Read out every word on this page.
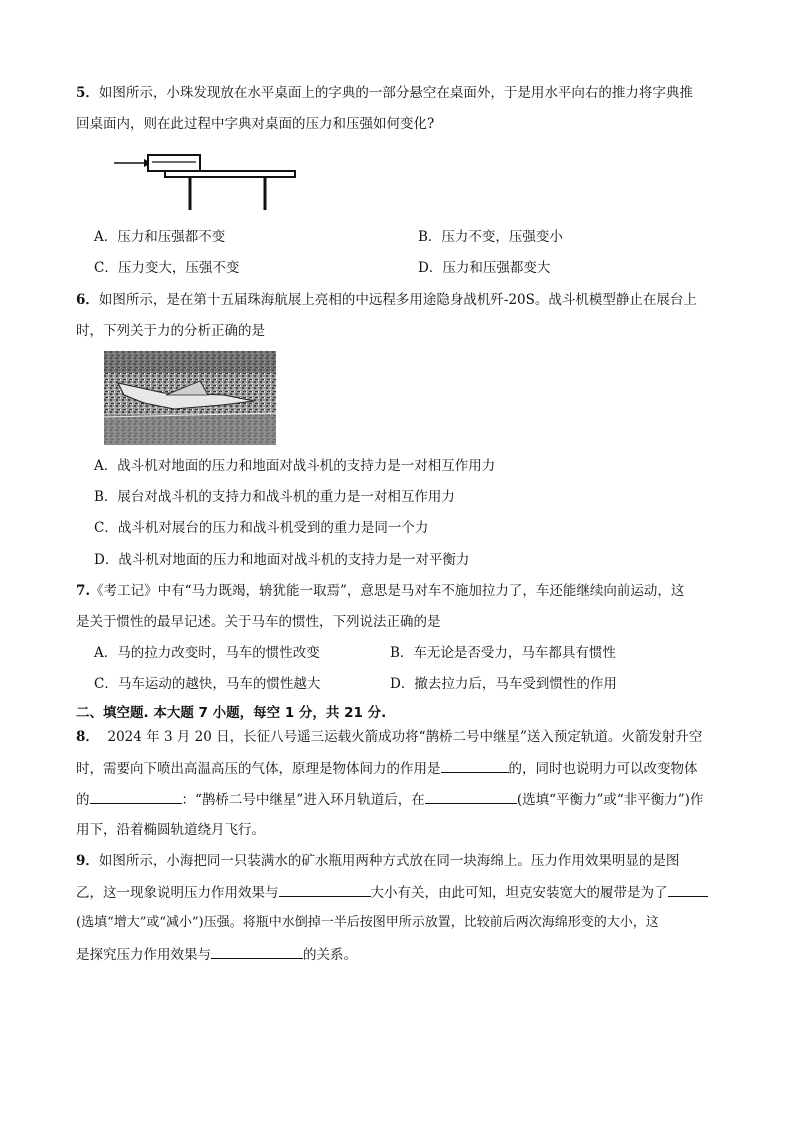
5．如图所示，小珠发现放在水平桌面上的字典的一部分悬空在桌面外，于是用水平向右的推力将字典推
回桌面内，则在此过程中字典对桌面的压力和压强如何变化?
A．压力和压强都不变	B．压力不变，压强变小
C．压力变大，压强不变	D．压力和压强都变大
6．如图所示，是在第十五届珠海航展上亮相的中远程多用途隐身战机歼-20S。战斗机模型静止在展台上
时，下列关于力的分析正确的是
A．战斗机对地面的压力和地面对战斗机的支持力是一对相互作用力
B．展台对战斗机的支持力和战斗机的重力是一对相互作用力
C．战斗机对展台的压力和战斗机受到的重力是同一个力
D．战斗机对地面的压力和地面对战斗机的支持力是一对平衡力
7.《考工记》中有“马力既竭，辀犹能一取焉”，意思是马对车不施加拉力了，车还能继续向前运动，这
是关于惯性的最早记述。关于马车的惯性，下列说法正确的是
A．马的拉力改变时，马车的惯性改变	B．车无论是否受力，马车都具有惯性
C．马车运动的越快，马车的惯性越大	D．撤去拉力后，马车受到惯性的作用
二、填空题. 本大题 7 小题，每空 1 分，共 21 分.
8． 2024 年 3 月 20 日，长征八号遥三运载火箭成功将“鹊桥二号中继星”送入预定轨道。火箭发射升空
时，需要向下喷出高温高压的气体，原理是物体间力的作用是	的，同时也说明力可以改变物体
的	：“鹊桥二号中继星”进入环月轨道后，在	(选填“平衡力”或“非平衡力”)作
用下，沿着椭圆轨道绕月飞行。
9．如图所示，小海把同一只装满水的矿水瓶用两种方式放在同一块海绵上。压力作用效果明显的是图
乙，这一现象说明压力作用效果与	大小有关，由此可知，坦克安装宽大的履带是为了
(选填“增大”或“减小”)压强。将瓶中水倒掉一半后按图甲所示放置，比较前后两次海绵形变的大小，这
是探究压力作用效果与	的关系。
